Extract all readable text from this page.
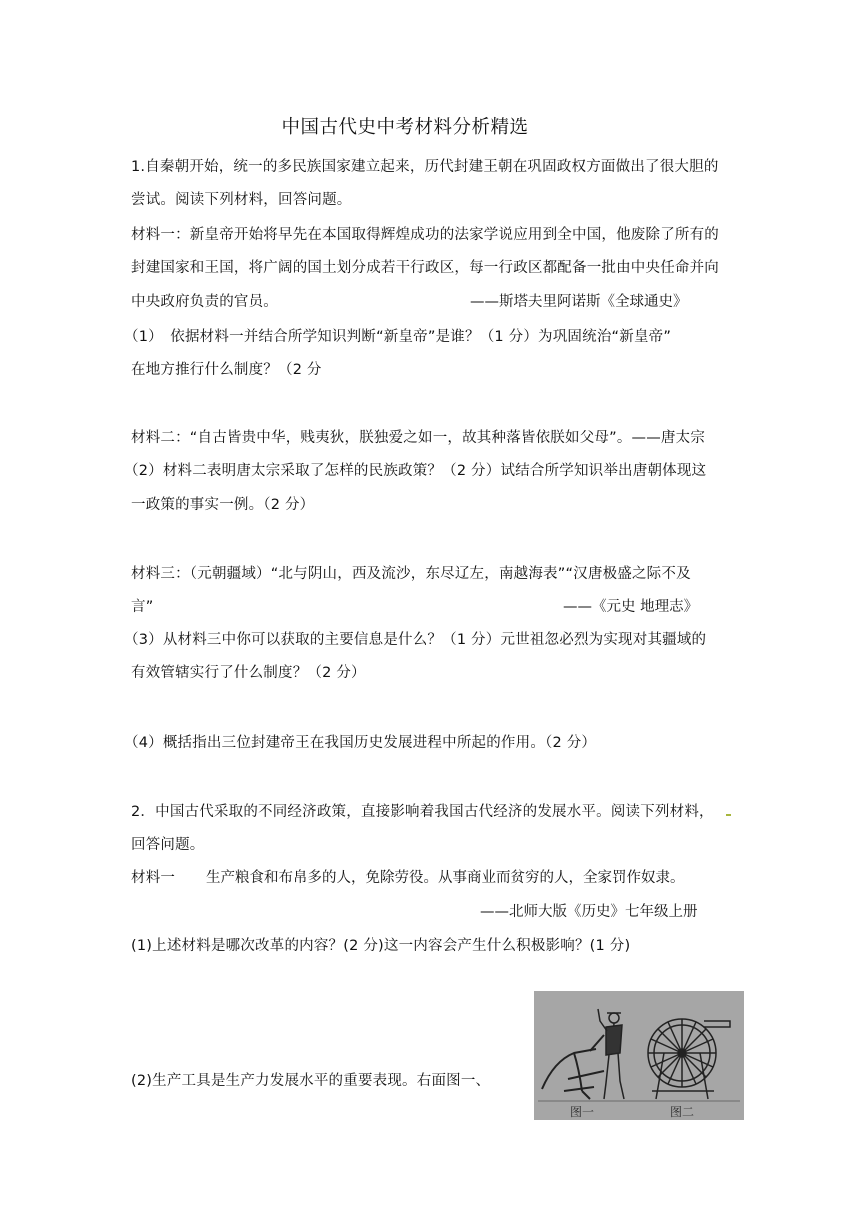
中国古代史中考材料分析精选
1.自秦朝开始，统一的多民族国家建立起来，历代封建王朝在巩固政权方面做出了很大胆的
尝试。阅读下列材料，回答问题。
材料一：新皇帝开始将早先在本国取得辉煌成功的法家学说应用到全中国，他废除了所有的
封建国家和王国，将广阔的国土划分成若干行政区，每一行政区都配备一批由中央任命并向
中央政府负责的官员。	——斯塔夫里阿诺斯《全球通史》
（1）　依据材料一并结合所学知识判断“新皇帝”是谁？（1 分）为巩固统治“新皇帝”
在地方推行什么制度？（2 分
材料二：“自古皆贵中华，贱夷狄，朕独爱之如一，故其种落皆依朕如父母”。——唐太宗
（2）材料二表明唐太宗采取了怎样的民族政策？（2 分）试结合所学知识举出唐朝体现这
一政策的事实一例。（2 分）
材料三：（元朝疆域）“北与阴山，西及流沙，东尽辽左，南越海表”“汉唐极盛之际不及
言”	——《元史 地理志》
（3）从材料三中你可以获取的主要信息是什么？（1 分）元世祖忽必烈为实现对其疆域的
有效管辖实行了什么制度？（2 分）
（4）概括指出三位封建帝王在我国历史发展进程中所起的作用。（2 分）
2．中国古代采取的不同经济政策，直接影响着我国古代经济的发展水平。阅读下列材料，
回答问题。
材料一 生产粮食和布帛多的人，免除劳役。从事商业而贫穷的人，全家罚作奴隶。
——北师大版《历史》七年级上册
(1)上述材料是哪次改革的内容？(2 分)这一内容会产生什么积极影响？(1 分)
(2)生产工具是生产力发展水平的重要表现。右面图一、
图一	图二
